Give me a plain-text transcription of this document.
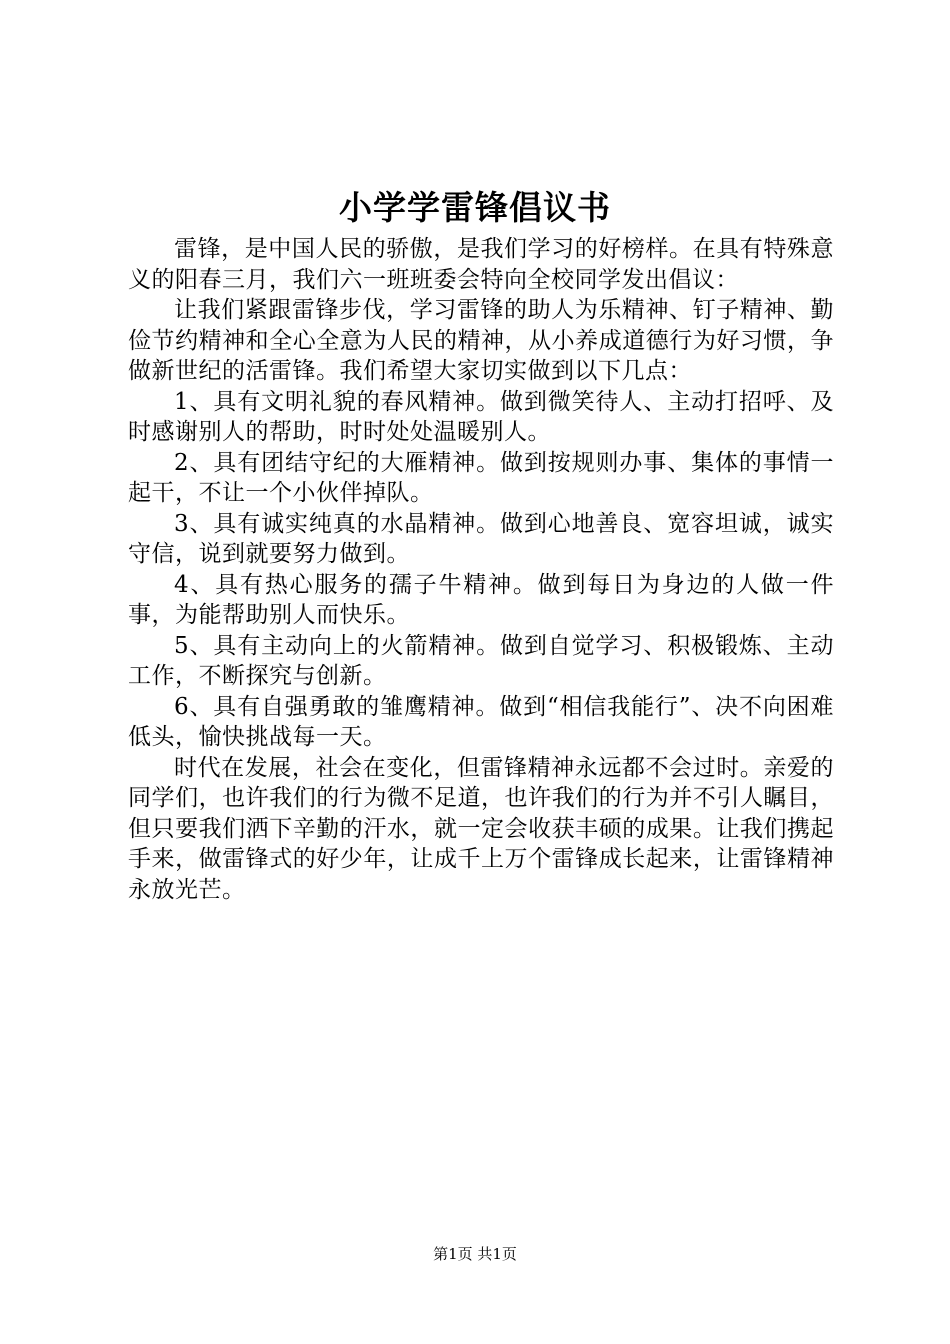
小学学雷锋倡议书

雷锋，是中国人民的骄傲，是我们学习的好榜样。在具有特殊意义的阳春三月，我们六一班班委会特向全校同学发出倡议：

让我们紧跟雷锋步伐，学习雷锋的助人为乐精神、钉子精神、勤俭节约精神和全心全意为人民的精神，从小养成道德行为好习惯，争做新世纪的活雷锋。我们希望大家切实做到以下几点：

1、具有文明礼貌的春风精神。做到微笑待人、主动打招呼、及时感谢别人的帮助，时时处处温暖别人。

2、具有团结守纪的大雁精神。做到按规则办事、集体的事情一起干，不让一个小伙伴掉队。

3、具有诚实纯真的水晶精神。做到心地善良、宽容坦诚，诚实守信，说到就要努力做到。

4、具有热心服务的孺子牛精神。做到每日为身边的人做一件事，为能帮助别人而快乐。

5、具有主动向上的火箭精神。做到自觉学习、积极锻炼、主动工作，不断探究与创新。

6、具有自强勇敢的雏鹰精神。做到“相信我能行”、决不向困难低头，愉快挑战每一天。

时代在发展，社会在变化，但雷锋精神永远都不会过时。亲爱的同学们，也许我们的行为微不足道，也许我们的行为并不引人瞩目，但只要我们洒下辛勤的汗水，就一定会收获丰硕的成果。让我们携起手来，做雷锋式的好少年，让成千上万个雷锋成长起来，让雷锋精神永放光芒。

第1页 共1页
